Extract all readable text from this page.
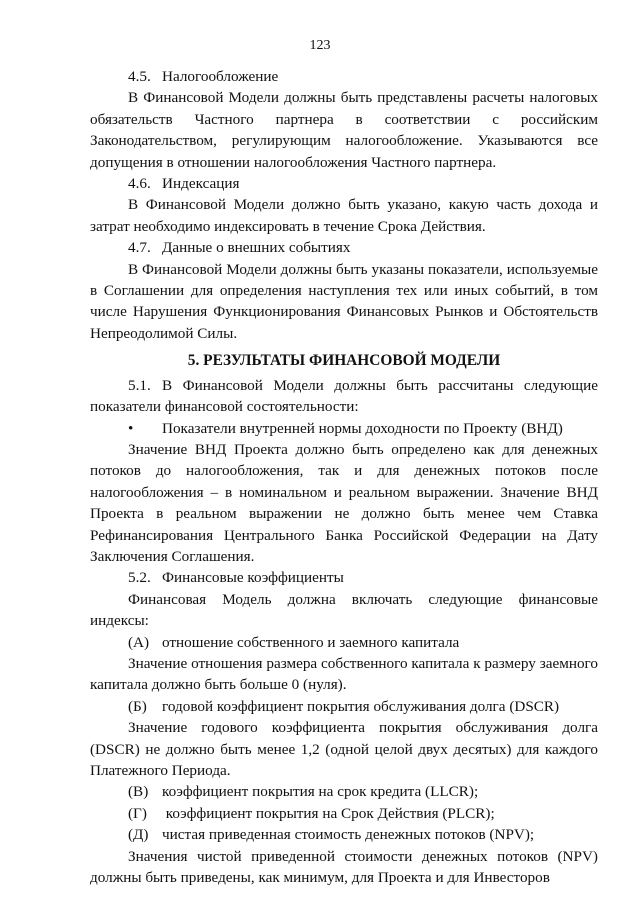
123

4.5. Налогообложение

В Финансовой Модели должны быть представлены расчеты налоговых обязательств Частного партнера в соответствии с российским Законодательством, регулирующим налогообложение. Указываются все допущения в отношении налогообложения Частного партнера.

4.6. Индексация

В Финансовой Модели должно быть указано, какую часть дохода и затрат необходимо индексировать в течение Срока Действия.

4.7. Данные о внешних событиях

В Финансовой Модели должны быть указаны показатели, используемые в Соглашении для определения наступления тех или иных событий, в том числе Нарушения Функционирования Финансовых Рынков и Обстоятельств Непреодолимой Силы.

5. РЕЗУЛЬТАТЫ ФИНАНСОВОЙ МОДЕЛИ

5.1. В Финансовой Модели должны быть рассчитаны следующие показатели финансовой состоятельности:

• Показатели внутренней нормы доходности по Проекту (ВНД)

Значение ВНД Проекта должно быть определено как для денежных потоков до налогообложения, так и для денежных потоков после налогообложения – в номинальном и реальном выражении. Значение ВНД Проекта в реальном выражении не должно быть менее чем Ставка Рефинансирования Центрального Банка Российской Федерации на Дату Заключения Соглашения.

5.2. Финансовые коэффициенты

Финансовая Модель должна включать следующие финансовые индексы:

(А) отношение собственного и заемного капитала

Значение отношения размера собственного капитала к размеру заемного капитала должно быть больше 0 (нуля).

(Б) годовой коэффициент покрытия обслуживания долга (DSCR)

Значение годового коэффициента покрытия обслуживания долга (DSCR) не должно быть менее 1,2 (одной целой двух десятых) для каждого Платежного Периода.

(В) коэффициент покрытия на срок кредита (LLCR);

(Г) коэффициент покрытия на Срок Действия (PLCR);

(Д) чистая приведенная стоимость денежных потоков (NPV);

Значения чистой приведенной стоимости денежных потоков (NPV) должны быть приведены, как минимум, для Проекта и для Инвесторов
